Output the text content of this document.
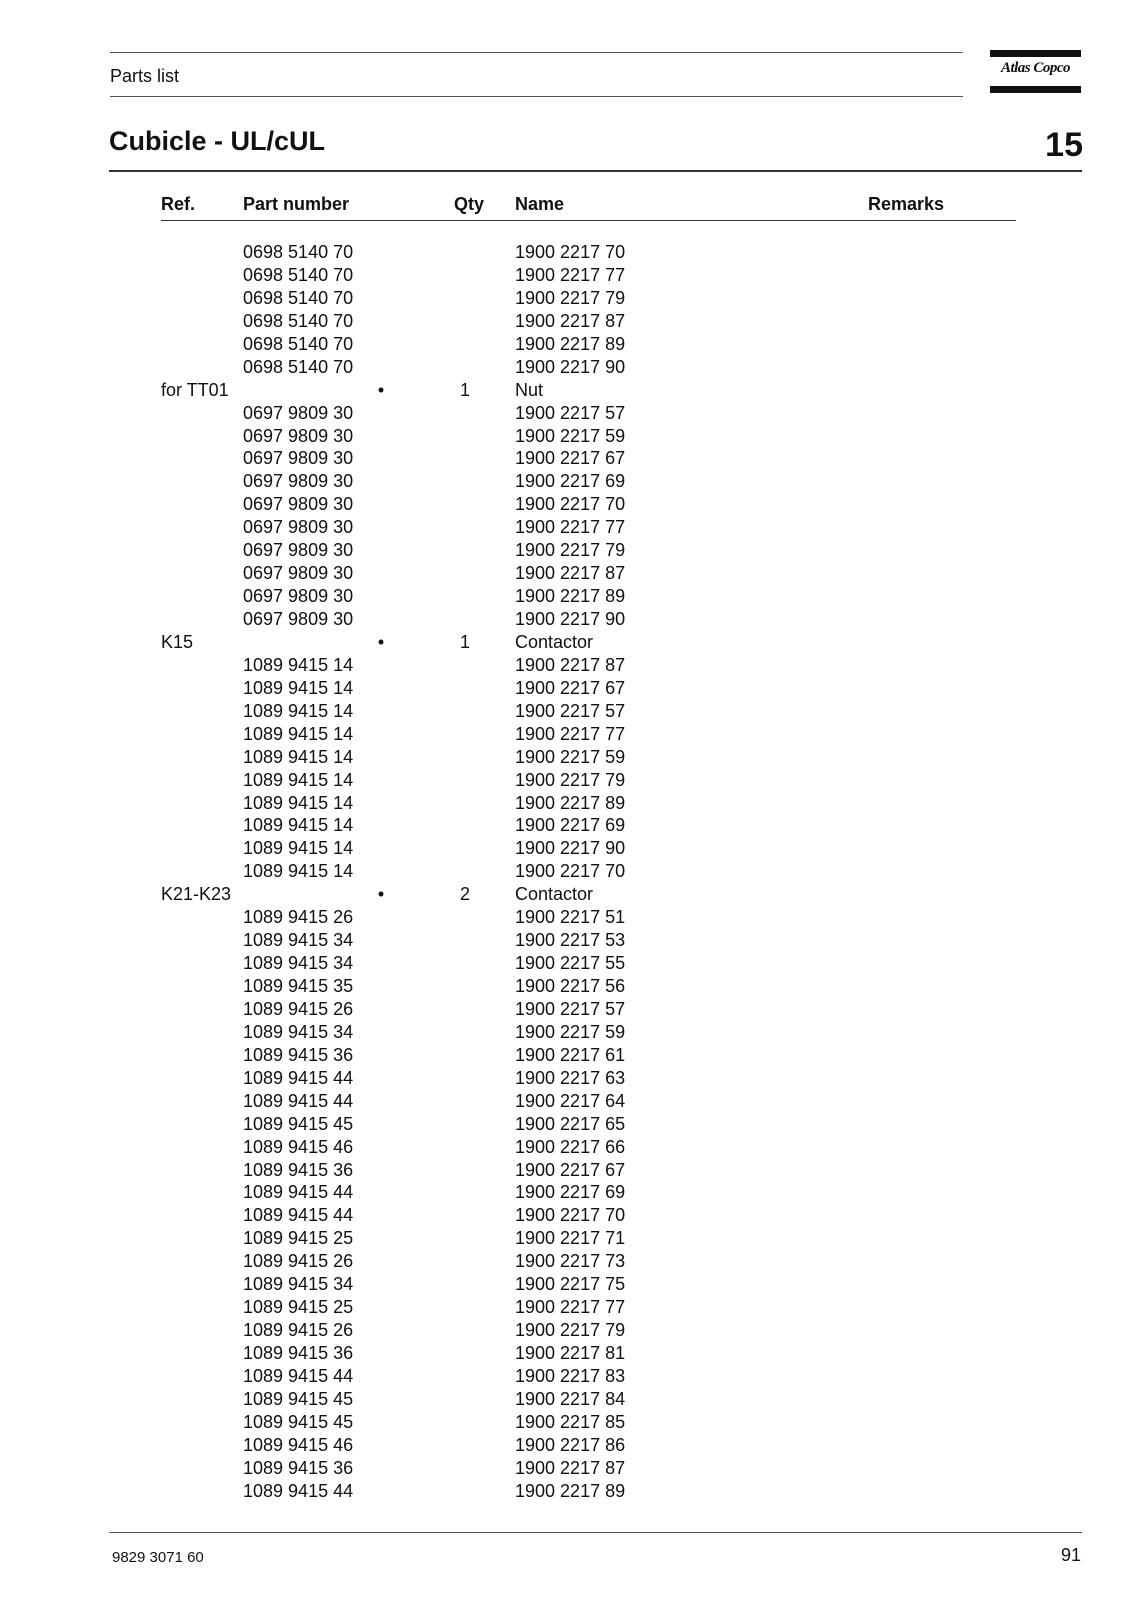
Parts list	Atlas Copco
Cubicle - UL/cUL	15
Ref.	Part number	Qty Name	Remarks
0698 5140 70	1900 2217 70
0698 5140 70	1900 2217 77
0698 5140 70	1900 2217 79
0698 5140 70	1900 2217 87
0698 5140 70	1900 2217 89
0698 5140 70	1900 2217 90
for TT01	•	1	Nut
0697 9809 30	1900 2217 57
0697 9809 30	1900 2217 59
0697 9809 30	1900 2217 67
0697 9809 30	1900 2217 69
0697 9809 30	1900 2217 70
0697 9809 30	1900 2217 77
0697 9809 30	1900 2217 79
0697 9809 30	1900 2217 87
0697 9809 30	1900 2217 89
0697 9809 30	1900 2217 90
K15	•	1	Contactor
1089 9415 14	1900 2217 87
1089 9415 14	1900 2217 67
1089 9415 14	1900 2217 57
1089 9415 14	1900 2217 77
1089 9415 14	1900 2217 59
1089 9415 14	1900 2217 79
1089 9415 14	1900 2217 89
1089 9415 14	1900 2217 69
1089 9415 14	1900 2217 90
1089 9415 14	1900 2217 70
K21-K23	•	2	Contactor
1089 9415 26	1900 2217 51
1089 9415 34	1900 2217 53
1089 9415 34	1900 2217 55
1089 9415 35	1900 2217 56
1089 9415 26	1900 2217 57
1089 9415 34	1900 2217 59
1089 9415 36	1900 2217 61
1089 9415 44	1900 2217 63
1089 9415 44	1900 2217 64
1089 9415 45	1900 2217 65
1089 9415 46	1900 2217 66
1089 9415 36	1900 2217 67
1089 9415 44	1900 2217 69
1089 9415 44	1900 2217 70
1089 9415 25	1900 2217 71
1089 9415 26	1900 2217 73
1089 9415 34	1900 2217 75
1089 9415 25	1900 2217 77
1089 9415 26	1900 2217 79
1089 9415 36	1900 2217 81
1089 9415 44	1900 2217 83
1089 9415 45	1900 2217 84
1089 9415 45	1900 2217 85
1089 9415 46	1900 2217 86
1089 9415 36	1900 2217 87
1089 9415 44	1900 2217 89
9829 3071 60	91
